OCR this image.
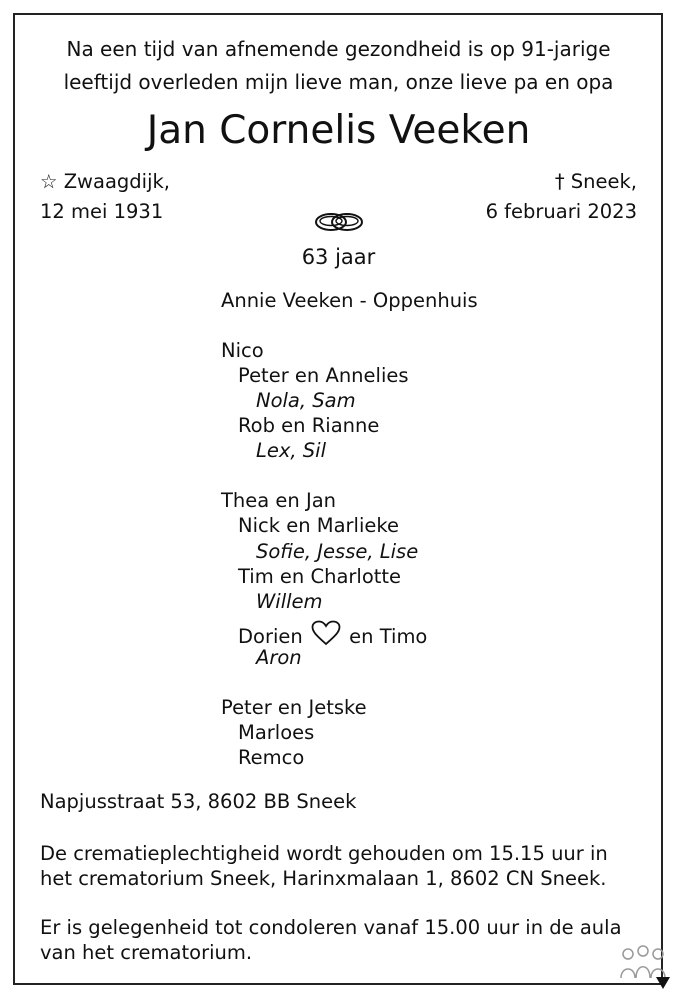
Na een tijd van afnemende gezondheid is op 91-jarige
leeftijd overleden mijn lieve man, onze lieve pa en opa
Jan Cornelis Veeken
☆ Zwaagdijk,
12 mei 1931
† Sneek,
6 februari 2023
63 jaar
Annie Veeken - Oppenhuis
Nico
Peter en Annelies
Nola, Sam
Rob en Rianne
Lex, Sil
Thea en Jan
Nick en Marlieke
Sofie, Jesse, Lise
Tim en Charlotte
Willem
Dorien en Timo
Aron
Peter en Jetske
Marloes
Remco
Napjusstraat 53, 8602 BB Sneek
De crematieplechtigheid wordt gehouden om 15.15 uur in
het crematorium Sneek, Harinxmalaan 1, 8602 CN Sneek.
Er is gelegenheid tot condoleren vanaf 15.00 uur in de aula
van het crematorium.
